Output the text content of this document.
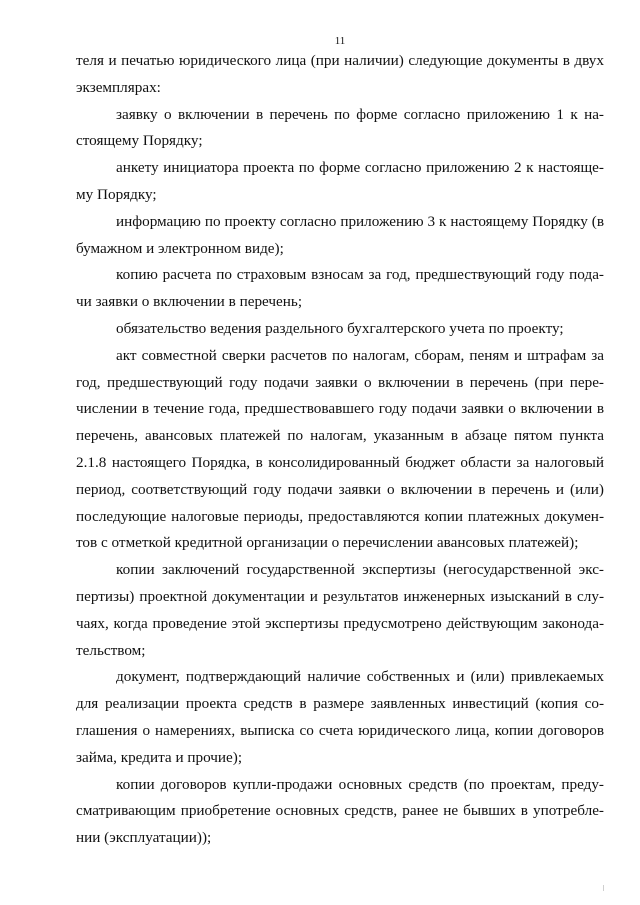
11
теля и печатью юридического лица (при наличии) следующие документы в двух
экземплярах:
заявку о включении в перечень по форме согласно приложению 1 к на-
стоящему Порядку;
анкету инициатора проекта по форме согласно приложению 2 к настояще-
му Порядку;
информацию по проекту согласно приложению 3 к настоящему Порядку (в
бумажном и электронном виде);
копию расчета по страховым взносам за год, предшествующий году пода-
чи заявки о включении в перечень;
обязательство ведения раздельного бухгалтерского учета по проекту;
акт совместной сверки расчетов по налогам, сборам, пеням и штрафам за
год, предшествующий году подачи заявки о включении в перечень (при пере-
числении в течение года, предшествовавшего году подачи заявки о включении в
перечень, авансовых платежей по налогам, указанным в абзаце пятом пункта
2.1.8 настоящего Порядка, в консолидированный бюджет области за налоговый
период, соответствующий году подачи заявки о включении в перечень и (или)
последующие налоговые периоды, предоставляются копии платежных докумен-
тов с отметкой кредитной организации о перечислении авансовых платежей);
копии заключений государственной экспертизы (негосударственной экс-
пертизы) проектной документации и результатов инженерных изысканий в слу-
чаях, когда проведение этой экспертизы предусмотрено действующим законода-
тельством;
документ, подтверждающий наличие собственных и (или) привлекаемых
для реализации проекта средств в размере заявленных инвестиций (копия со-
глашения о намерениях, выписка со счета юридического лица, копии договоров
займа, кредита и прочие);
копии договоров купли-продажи основных средств (по проектам, преду-
сматривающим приобретение основных средств, ранее не бывших в употребле-
нии (эксплуатации));
